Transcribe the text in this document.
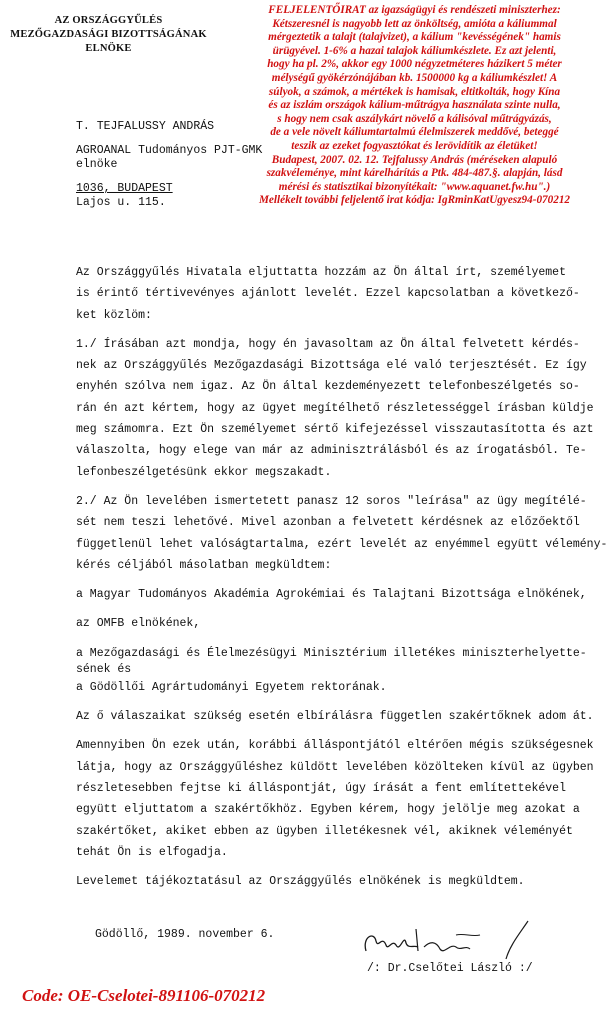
AZ ORSZÁGGYŰLÉS
MEZŐGAZDASÁGI BIZOTTSÁGÁNAK
ELNÖKE
FELJELENTŐIRAT az igazságügyi és rendészeti miniszterhez:
Kétszeresnél is nagyobb lett az önköltség, amióta a káliummal
mérgeztetik a talajt (talajvizet), a kálium "kevésségének" hamis
ürügyével. 1-6% a hazai talajok káliumkészlete. Ez azt jelenti,
hogy ha pl. 2%, akkor egy 1000 négyzetméteres házikert 5 méter
mélységű gyökérzónájában kb. 1500000 kg a káliumkészlet! A
súlyok, a számok, a mértékek is hamisak, eltitkolták, hogy Kína
és az iszlám országok kálium-műtrágya használata szinte nulla,
s hogy nem csak aszálykárt növelő a kálisóval műtrágyázás,
de a vele növelt káliumtartalmú élelmiszerek meddővé, beteggé
teszik az ezeket fogyasztókat és lerövidítik az életüket!
Budapest, 2007. 02. 12. Tejfalussy András (méréseken alapuló
szakvéleménye, mint kárelhárítás a Ptk. 484-487.§. alapján, lásd
mérési és statisztikai bizonyítékait: "www.aquanet.fw.hu".)
Mellékelt további feljelentő irat kódja: IgRminKatUgyesz94-070212
T. TEJFALUSSY ANDRÁS
AGROANAL Tudományos PJT-GMK
elnöke
1036, BUDAPEST
Lajos u. 115.
Az Országgyűlés Hivatala eljuttatta hozzám az Ön által írt, személyemet
is érintő tértivevényes ajánlott levelét. Ezzel kapcsolatban a következő-
ket közlöm:
1./ Írásában azt mondja, hogy én javasoltam az Ön által felvetett kérdés-
nek az Országgyűlés Mezőgazdasági Bizottsága elé való terjesztését. Ez így
enyhén szólva nem igaz. Az Ön által kezdeményezett telefonbeszélgetés so-
rán én azt kértem, hogy az ügyet megítélhető részletességgel írásban küldje
meg számomra. Ezt Ön személyemet sértő kifejezéssel visszautasította és azt
válaszolta, hogy elege van már az adminisztrálásból és az írogatásból. Te-
lefonbeszélgetésünk ekkor megszakadt.
2./ Az Ön levelében ismertetett panasz 12 soros "leírása" az ügy megítélé-
sét nem teszi lehetővé. Mivel azonban a felvetett kérdésnek az előzőektől
függetlenül lehet valóságtartalma, ezért levelét az enyémmel együtt vélemény-
kérés céljából másolatban megküldtem:
a Magyar Tudományos Akadémia Agrokémiai és Talajtani Bizottsága elnökének,
az OMFB elnökének,
a Mezőgazdasági és Élelmezésügyi Minisztérium illetékes miniszterhelyette-
sének és
a Gödöllői Agrártudományi Egyetem rektorának.
Az ő válaszaikat szükség esetén elbírálásra független szakértőknek adom át.
Amennyiben Ön ezek után, korábbi álláspontjától eltérően mégis szükségesnek
látja, hogy az Országgyűléshez küldött levelében közölteken kívül az ügyben
részletesebben fejtse ki álláspontját, úgy írását a fent említettekével
együtt eljuttatom a szakértőkhöz. Egyben kérem, hogy jelölje meg azokat a
szakértőket, akiket ebben az ügyben illetékesnek vél, akiknek véleményét
tehát Ön is elfogadja.
Levelemet tájékoztatásul az Országgyűlés elnökének is megküldtem.
Gödöllő, 1989. november 6.
/: Dr.Cselőtei László :/
Code: OE-Cselotei-891106-070212
